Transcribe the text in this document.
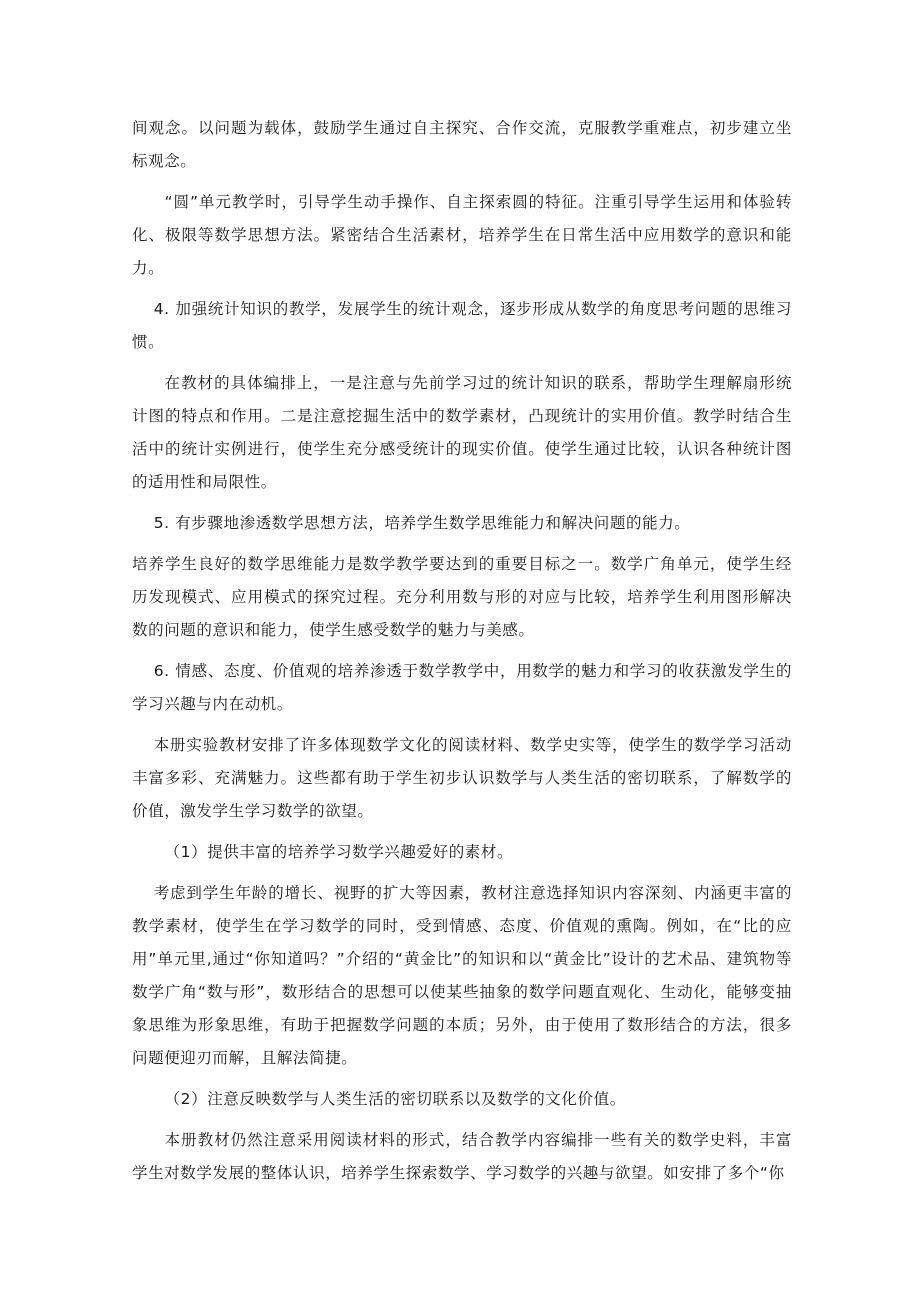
间观念。以问题为载体，鼓励学生通过自主探究、合作交流，克服教学重难点，初步建立坐标观念。

“圆”单元教学时，引导学生动手操作、自主探索圆的特征。注重引导学生运用和体验转化、极限等数学思想方法。紧密结合生活素材，培养学生在日常生活中应用数学的意识和能力。

4. 加强统计知识的教学，发展学生的统计观念，逐步形成从数学的角度思考问题的思维习惯。

在教材的具体编排上，一是注意与先前学习过的统计知识的联系，帮助学生理解扇形统计图的特点和作用。二是注意挖掘生活中的数学素材，凸现统计的实用价值。教学时结合生活中的统计实例进行，使学生充分感受统计的现实价值。使学生通过比较，认识各种统计图的适用性和局限性。

5. 有步骤地渗透数学思想方法，培养学生数学思维能力和解决问题的能力。

培养学生良好的数学思维能力是数学教学要达到的重要目标之一。数学广角单元，使学生经历发现模式、应用模式的探究过程。充分利用数与形的对应与比较，培养学生利用图形解决数的问题的意识和能力，使学生感受数学的魅力与美感。

6. 情感、态度、价值观的培养渗透于数学教学中，用数学的魅力和学习的收获激发学生的学习兴趣与内在动机。

本册实验教材安排了许多体现数学文化的阅读材料、数学史实等，使学生的数学学习活动丰富多彩、充满魅力。这些都有助于学生初步认识数学与人类生活的密切联系，了解数学的价值，激发学生学习数学的欲望。

（1）提供丰富的培养学习数学兴趣爱好的素材。

考虑到学生年龄的增长、视野的扩大等因素，教材注意选择知识内容深刻、内涵更丰富的教学素材，使学生在学习数学的同时，受到情感、态度、价值观的熏陶。例如，在“比的应用”单元里,通过“你知道吗？”介绍的“黄金比”的知识和以“黄金比”设计的艺术品、建筑物等 数学广角“数与形”，数形结合的思想可以使某些抽象的数学问题直观化、生动化，能够变抽象思维为形象思维，有助于把握数学问题的本质；另外，由于使用了数形结合的方法，很多问题便迎刃而解，且解法简捷。

（2）注意反映数学与人类生活的密切联系以及数学的文化价值。

本册教材仍然注意采用阅读材料的形式，结合教学内容编排一些有关的数学史料，丰富学生对数学发展的整体认识，培养学生探索数学、学习数学的兴趣与欲望。如安排了多个“你
